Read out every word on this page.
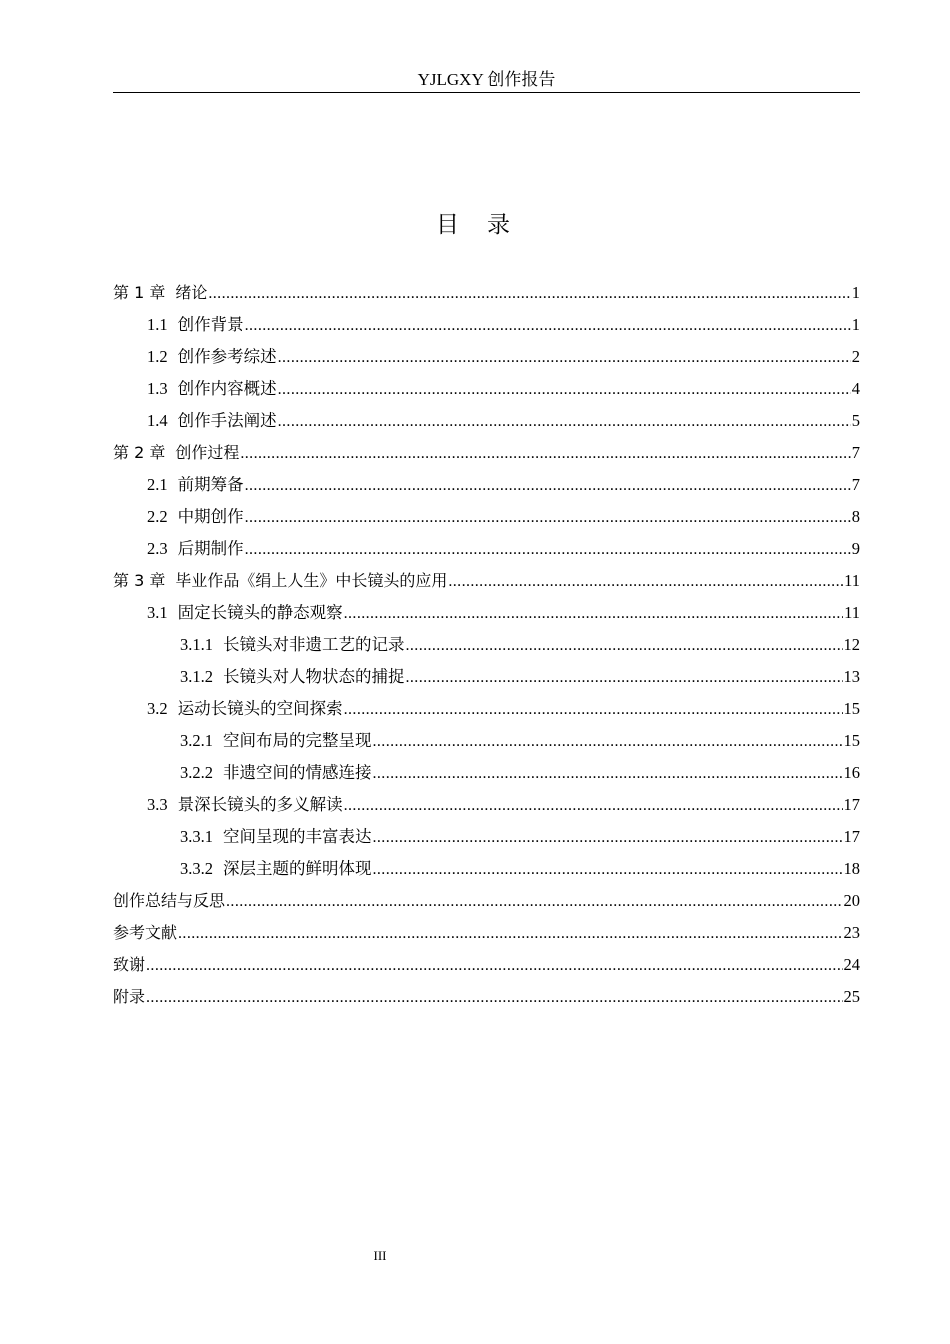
YJLGXY 创作报告
目录
第 1 章 绪论 .....	1
1.1 创作背景 .....	1
1.2 创作参考综述 .....	2
1.3 创作内容概述 .....	4
1.4 创作手法阐述 .....	5
第 2 章 创作过程 .....	7
2.1 前期筹备 .....	7
2.2 中期创作 .....	8
2.3 后期制作 .....	9
第 3 章 毕业作品《绢上人生》中长镜头的应用 .....	11
3.1 固定长镜头的静态观察 .....	11
3.1.1 长镜头对非遗工艺的记录 .....	12
3.1.2 长镜头对人物状态的捕捉 .....	13
3.2 运动长镜头的空间探索 .....	15
3.2.1 空间布局的完整呈现 .....	15
3.2.2 非遗空间的情感连接 .....	16
3.3 景深长镜头的多义解读 .....	17
3.3.1 空间呈现的丰富表达 .....	17
3.3.2 深层主题的鲜明体现 .....	18
创作总结与反思 .....	20
参考文献 .....	23
致谢 .....	24
附录 .....	25
III
